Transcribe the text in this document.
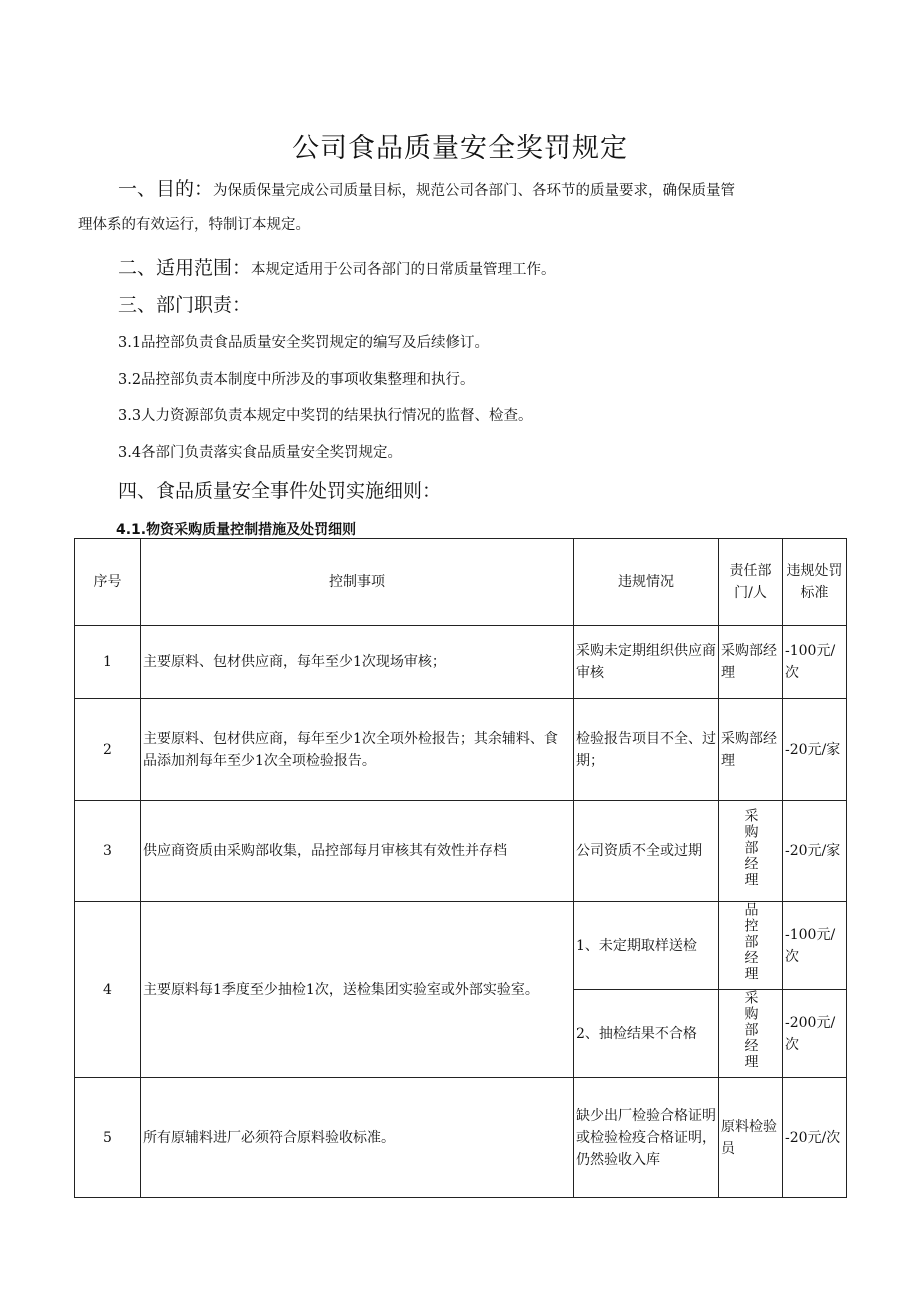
公司食品质量安全奖罚规定
一、目的：为保质保量完成公司质量目标，规范公司各部门、各环节的质量要求，确保质量管
理体系的有效运行，特制订本规定。
二、适用范围：本规定适用于公司各部门的日常质量管理工作。
三、部门职责：
3.1品控部负责食品质量安全奖罚规定的编写及后续修订。
3.2品控部负责本制度中所涉及的事项收集整理和执行。
3.3人力资源部负责本规定中奖罚的结果执行情况的监督、检查。
3.4各部门负责落实食品质量安全奖罚规定。
四、食品质量安全事件处罚实施细则：
4.1.物资采购质量控制措施及处罚细则
序号	控制事项	违规情况	责任部门/人	违规处罚标准
1	主要原料、包材供应商，每年至少1次现场审核；	采购未定期组织供应商审核	采购部经理	-100元/次
2	主要原料、包材供应商，每年至少1次全项外检报告；其余辅料、食品添加剂每年至少1次全项检验报告。	检验报告项目不全、过期；	采购部经理	-20元/家
3	供应商资质由采购部收集，品控部每月审核其有效性并存档	公司资质不全或过期	采购部经理	-20元/家
4	主要原料每1季度至少抽检1次，送检集团实验室或外部实验室。	1、未定期取样送检	品控部经理	-100元/次
		2、抽检结果不合格	采购部经理	-200元/次
5	所有原辅料进厂必须符合原料验收标准。	缺少出厂检验合格证明或检验检疫合格证明，仍然验收入库	原料检验员	-20元/次
